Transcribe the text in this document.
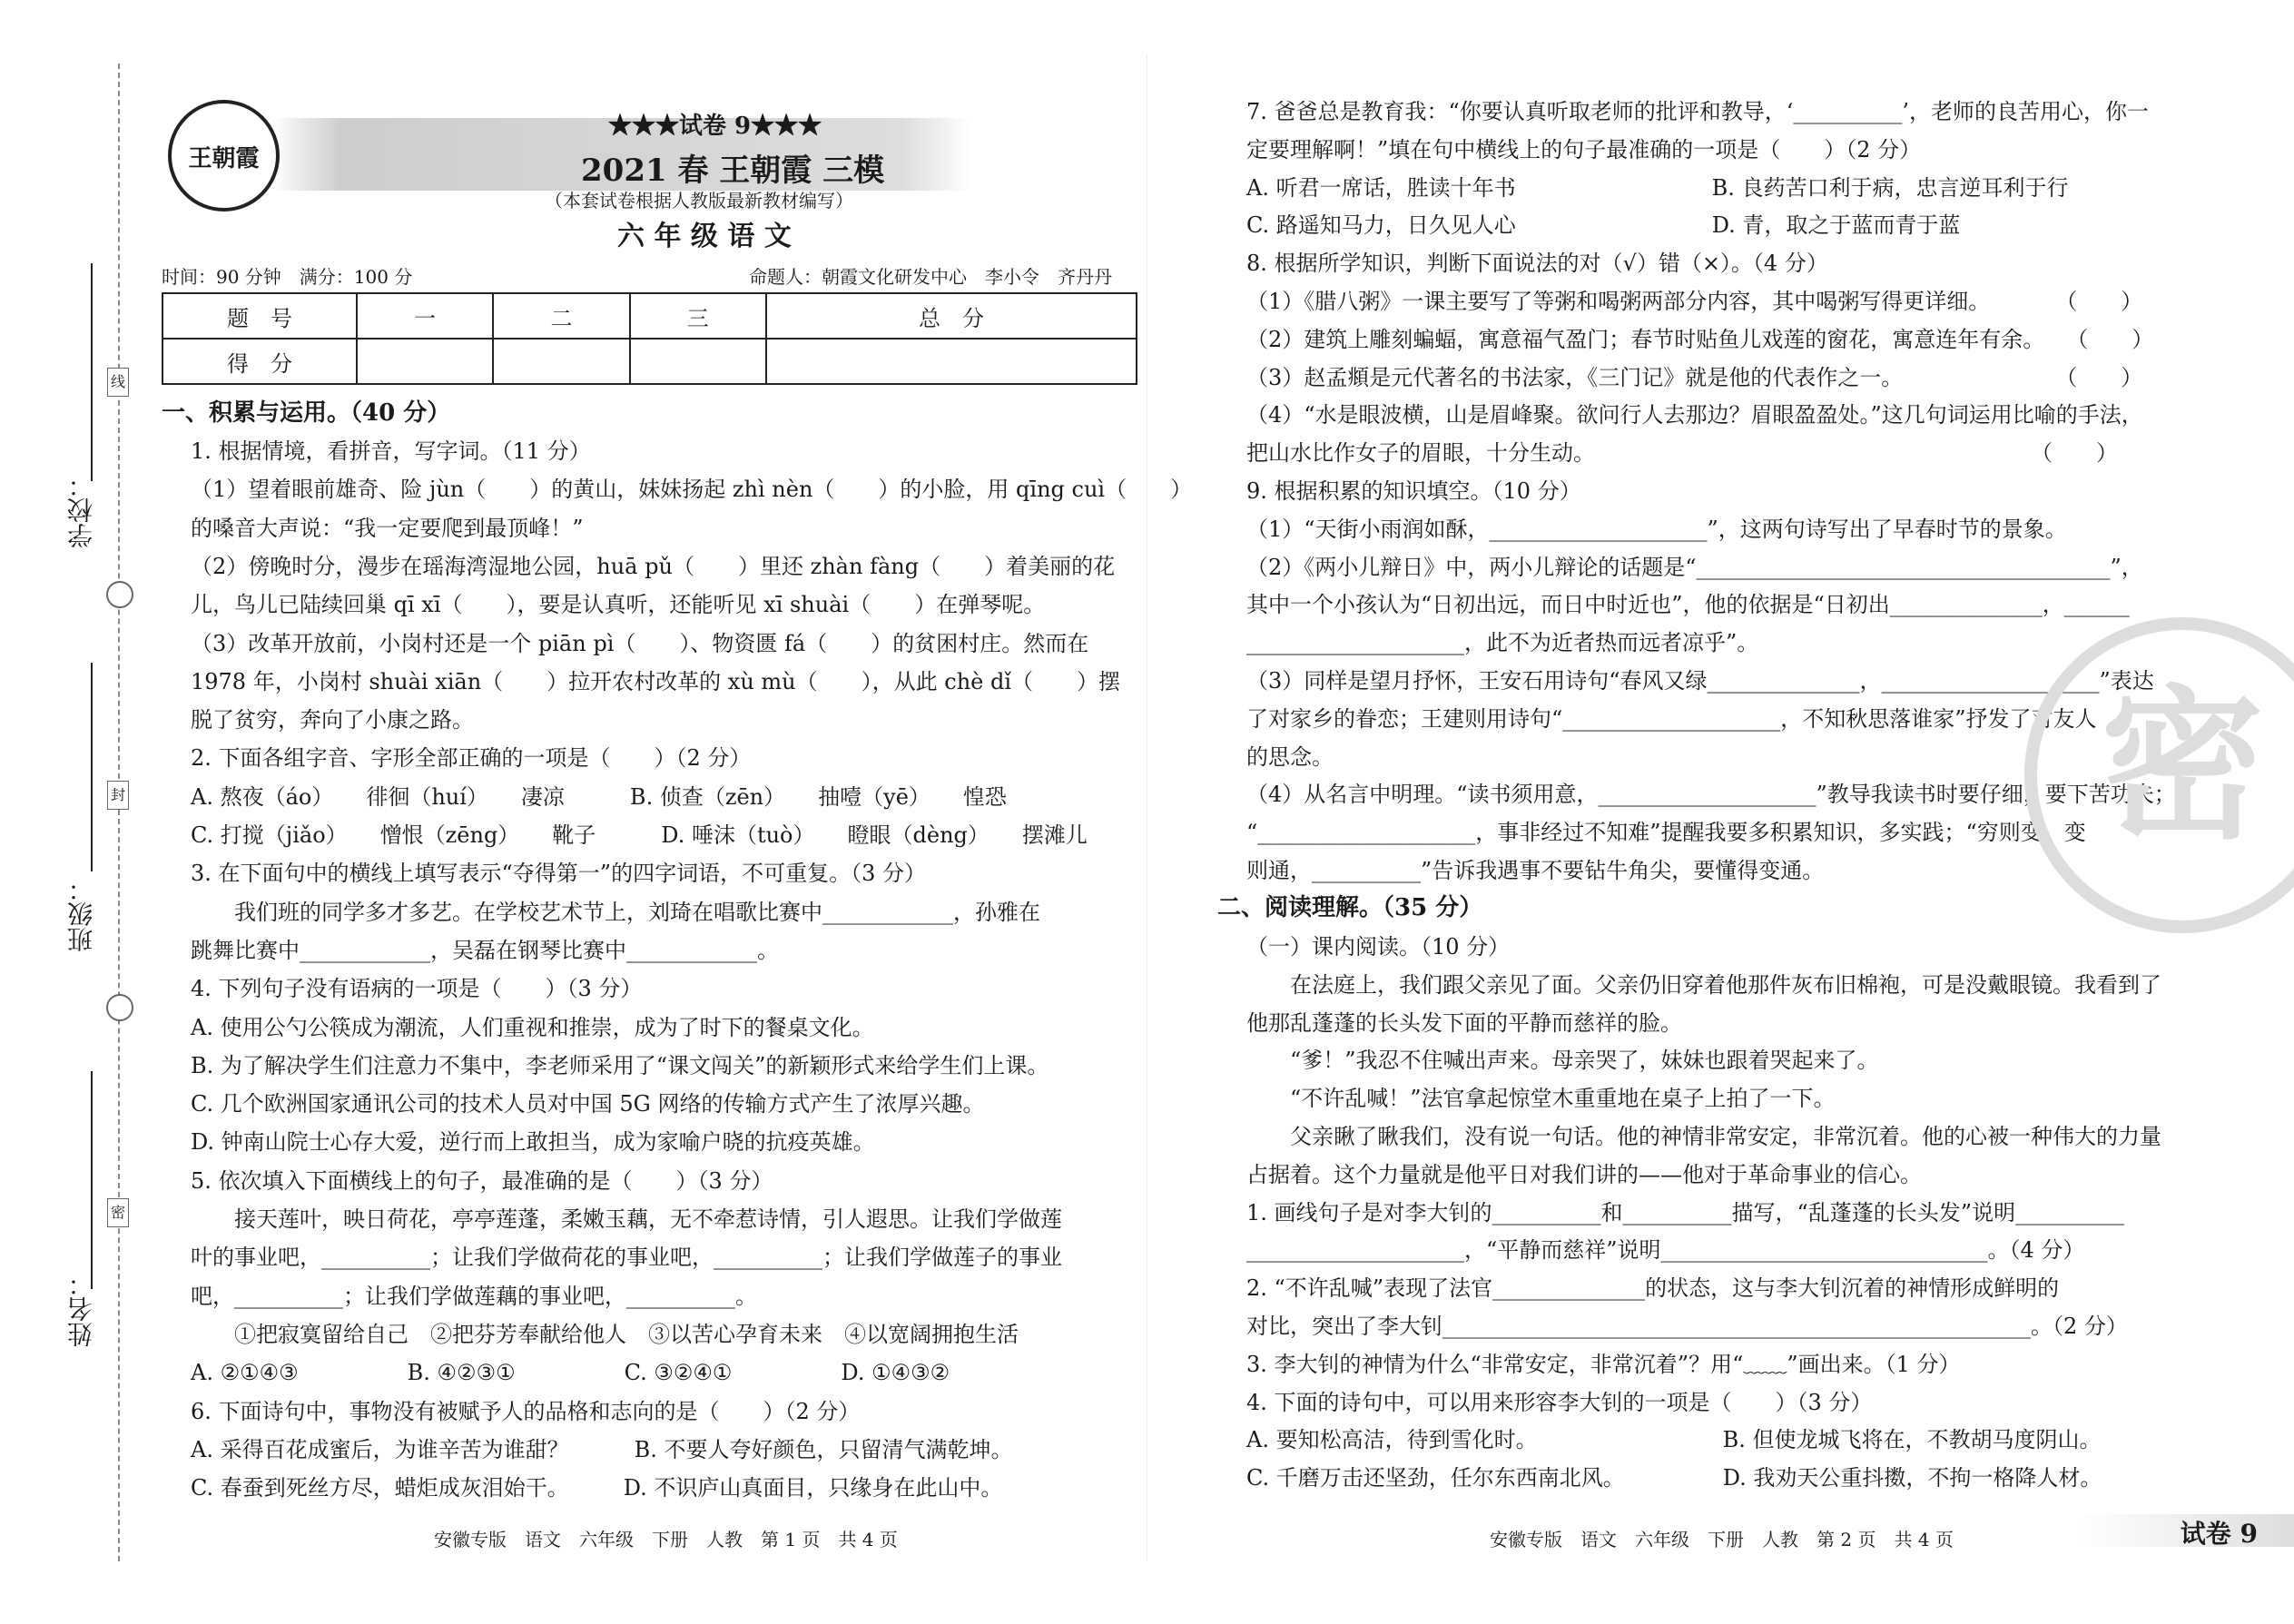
学校：
班级：
姓名：
线
封
密
王朝霞
★★★试卷 9★★★
2021 春 王朝霞 三模
（本套试卷根据人教版最新教材编写）
六 年 级 语 文
时间：90 分钟　满分：100 分	命题人：朝霞文化研发中心　李小令　齐丹丹
题　号	一	二	三	总　分
得　分				
一、积累与运用。（40 分）
1. 根据情境，看拼音，写字词。（11 分）
（1）望着眼前雄奇、险 jùn（　　）的黄山，妹妹扬起 zhì nèn（　　）的小脸，用 qīng cuì（　　）
的嗓音大声说：“我一定要爬到最顶峰！”
（2）傍晚时分，漫步在瑶海湾湿地公园，huā pǔ（　　）里还 zhàn fàng（　　）着美丽的花
儿，鸟儿已陆续回巢 qī xī（　　），要是认真听，还能听见 xī shuài（　　）在弹琴呢。
（3）改革开放前，小岗村还是一个 piān pì（　　）、物资匮 fá（　　）的贫困村庄。然而在
1978 年，小岗村 shuài xiān（　　）拉开农村改革的 xù mù（　　），从此 chè dǐ（　　）摆
脱了贫穷，奔向了小康之路。
2. 下面各组字音、字形全部正确的一项是（　　）（2 分）
A. 熬夜（áo）　　徘徊（huí）　　凄凉　　　B. 侦查（zēn）　　抽噎（yē）　　惶恐
C. 打搅（jiǎo）　　憎恨（zēng）　　靴子　　　D. 唾沫（tuò）　　瞪眼（dèng）　　摆滩儿
3. 在下面句中的横线上填写表示“夺得第一”的四字词语，不可重复。（3 分）
　　我们班的同学多才多艺。在学校艺术节上，刘琦在唱歌比赛中____________，孙雅在
跳舞比赛中____________，吴磊在钢琴比赛中____________。
4. 下列句子没有语病的一项是（　　）（3 分）
A. 使用公勺公筷成为潮流，人们重视和推崇，成为了时下的餐桌文化。
B. 为了解决学生们注意力不集中，李老师采用了“课文闯关”的新颖形式来给学生们上课。
C. 几个欧洲国家通讯公司的技术人员对中国 5G 网络的传输方式产生了浓厚兴趣。
D. 钟南山院士心存大爱，逆行而上敢担当，成为家喻户晓的抗疫英雄。
5. 依次填入下面横线上的句子，最准确的是（　　）（3 分）
　　接天莲叶，映日荷花，亭亭莲蓬，柔嫩玉藕，无不牵惹诗情，引人遐思。让我们学做莲
叶的事业吧，__________；让我们学做荷花的事业吧，__________；让我们学做莲子的事业
吧，__________；让我们学做莲藕的事业吧，__________。
　　①把寂寞留给自己　②把芬芳奉献给他人　③以苦心孕育未来　④以宽阔拥抱生活
A. ②①④③　　　　　B. ④②③①　　　　　C. ③②④①　　　　　D. ①④③②
6. 下面诗句中，事物没有被赋予人的品格和志向的是（　　）（2 分）
A. 采得百花成蜜后，为谁辛苦为谁甜？　　　B. 不要人夸好颜色，只留清气满乾坤。
C. 春蚕到死丝方尽，蜡炬成灰泪始干。　　　D. 不识庐山真面目，只缘身在此山中。
安徽专版　语文　六年级　下册　人教　第 1 页　共 4 页
7. 爸爸总是教育我：“你要认真听取老师的批评和教导，‘__________’，老师的良苦用心，你一
定要理解啊！”填在句中横线上的句子最准确的一项是（　　）（2 分）
A. 听君一席话，胜读十年书　　　　　　　　　B. 良药苦口利于病，忠言逆耳利于行
C. 路遥知马力，日久见人心　　　　　　　　　D. 青，取之于蓝而青于蓝
8. 根据所学知识，判断下面说法的对（√）错（×）。（4 分）
（1）《腊八粥》一课主要写了等粥和喝粥两部分内容，其中喝粥写得更详细。　　　　（　　）
（2）建筑上雕刻蝙蝠，寓意福气盈门；春节时贴鱼儿戏莲的窗花，寓意连年有余。　　（　　）
（3）赵孟頫是元代著名的书法家，《三门记》就是他的代表作之一。　　　　　　　　（　　）
（4）“水是眼波横，山是眉峰聚。欲问行人去那边？眉眼盈盈处。”这几句词运用比喻的手法，
把山水比作女子的眉眼，十分生动。　　　　　　　　　　　　　　　　　　　　　（　　）
9. 根据积累的知识填空。（10 分）
（1）“天街小雨润如酥，____________________”，这两句诗写出了早春时节的景象。
（2）《两小儿辩日》中，两小儿辩论的话题是“______________________________________”，
其中一个小孩认为“日初出远，而日中时近也”，他的依据是“日初出______________，______
____________________，此不为近者热而远者凉乎”。
（3）同样是望月抒怀，王安石用诗句“春风又绿______________，____________________”表达
了对家乡的眷恋；王建则用诗句“____________________，不知秋思落谁家”抒发了对友人
的思念。
（4）从名言中明理。“读书须用意，____________________”教导我读书时要仔细，要下苦功夫；
“____________________，事非经过不知难”提醒我要多积累知识，多实践；“穷则变，变
则通，__________”告诉我遇事不要钻牛角尖，要懂得变通。
二、阅读理解。（35 分）
（一）课内阅读。（10 分）
　　在法庭上，我们跟父亲见了面。父亲仍旧穿着他那件灰布旧棉袍，可是没戴眼镜。我看到了
他那乱蓬蓬的长头发下面的平静而慈祥的脸。
　　“爹！”我忍不住喊出声来。母亲哭了，妹妹也跟着哭起来了。
　　“不许乱喊！”法官拿起惊堂木重重地在桌子上拍了一下。
　　父亲瞅了瞅我们，没有说一句话。他的神情非常安定，非常沉着。他的心被一种伟大的力量
占据着。这个力量就是他平日对我们讲的——他对于革命事业的信心。
1. 画线句子是对李大钊的__________和__________描写，“乱蓬蓬的长头发”说明__________
____________________，“平静而慈祥”说明______________________________。（4 分）
2. “不许乱喊”表现了法官______________的状态，这与李大钊沉着的神情形成鲜明的
对比，突出了李大钊______________________________________________________。（2 分）
3. 李大钊的神情为什么“非常安定，非常沉着”？用“﹏﹏”画出来。（1 分）
4. 下面的诗句中，可以用来形容李大钊的一项是（　　）（3 分）
A. 要知松高洁，待到雪化时。　　　　　　　　　B. 但使龙城飞将在，不教胡马度阴山。
C. 千磨万击还坚劲，任尔东西南北风。　　　　　D. 我劝天公重抖擞，不拘一格降人材。
安徽专版　语文　六年级　下册　人教　第 2 页　共 4 页
密
试卷 9
